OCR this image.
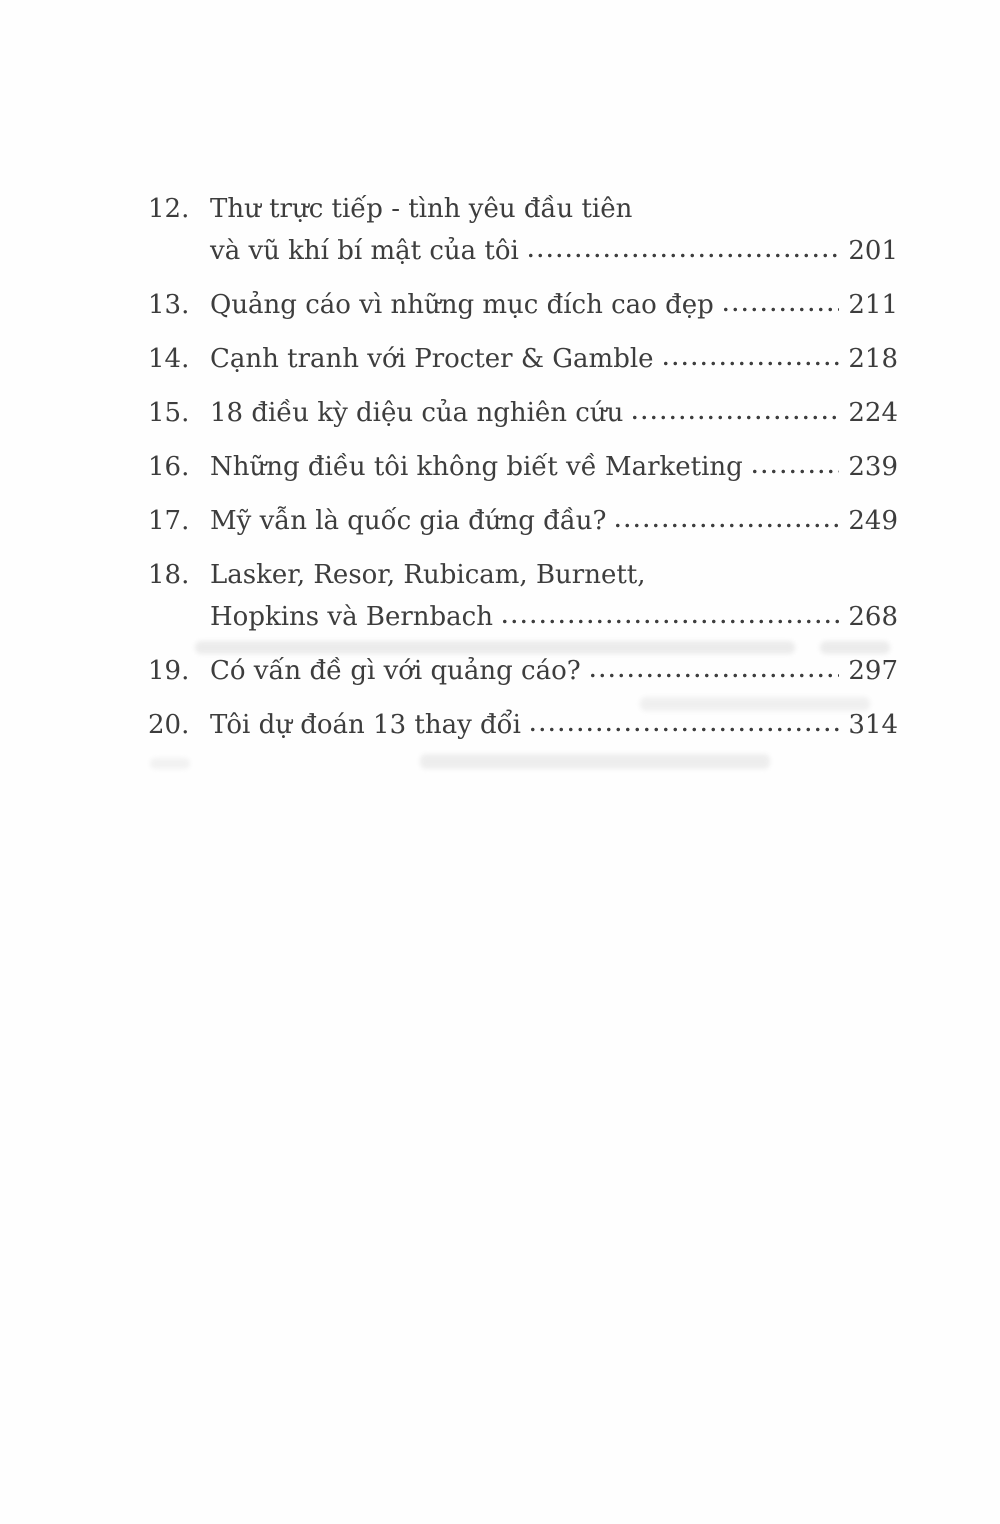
12. Thư trực tiếp - tình yêu đầu tiên
và vũ khí bí mật của tôi	201
13. Quảng cáo vì những mục đích cao đẹp	211
14. Cạnh tranh với Procter & Gamble	218
15. 18 điều kỳ diệu của nghiên cứu	224
16. Những điều tôi không biết về Marketing	239
17. Mỹ vẫn là quốc gia đứng đầu?	249
18. Lasker, Resor, Rubicam, Burnett,
Hopkins và Bernbach	268
19. Có vấn đề gì với quảng cáo?	297
20. Tôi dự đoán 13 thay đổi	314
